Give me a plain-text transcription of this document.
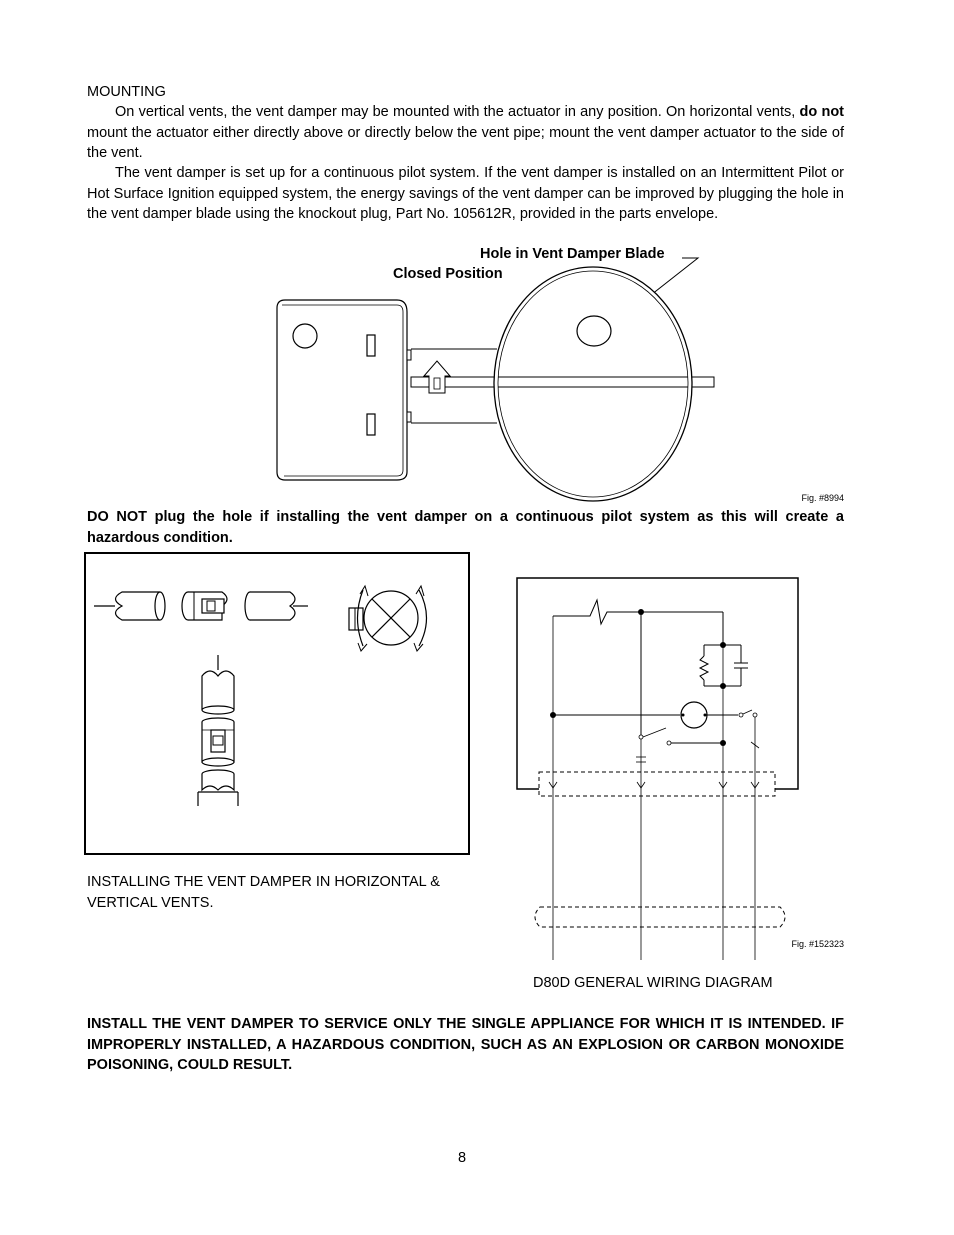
MOUNTING
On vertical vents, the vent damper may be mounted with the actuator in any position. On horizontal vents, do not mount the actuator either directly above or directly below the vent pipe; mount the vent damper actuator to the side of the vent.
The vent damper is set up for a continuous pilot system. If the vent damper is installed on an Intermittent Pilot or Hot Surface Ignition equipped system, the energy savings of the vent damper can be improved by plugging the hole in the vent damper blade using the knockout plug, Part No. 105612R, provided in the parts envelope.
Hole in Vent Damper Blade
Closed Position
Fig. #8994
DO NOT plug the hole if installing the vent damper on a continuous pilot system as this will create a hazardous condition.
INSTALLING THE VENT DAMPER IN HORIZONTAL & VERTICAL VENTS.
Fig. #152323
D80D GENERAL WIRING DIAGRAM
INSTALL THE VENT DAMPER TO SERVICE ONLY THE SINGLE APPLIANCE FOR WHICH IT IS INTENDED. IF IMPROPERLY INSTALLED, A HAZARDOUS CONDITION, SUCH AS AN EXPLOSION OR CARBON MONOXIDE POISONING, COULD RESULT.
8
